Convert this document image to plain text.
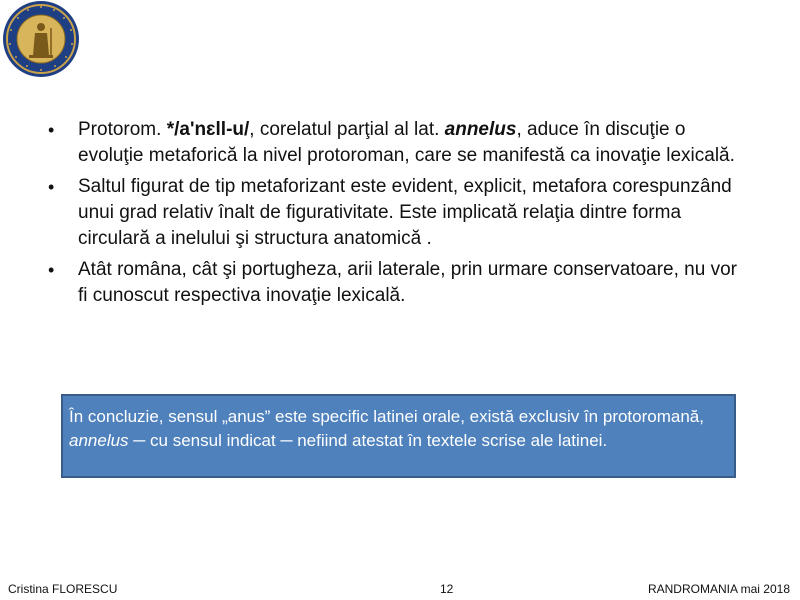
• Protorom. */a'nɛll-u/, corelatul parţial al lat. annelus, aduce în discuţie o evoluţie metaforică la nivel protoroman, care se manifestă ca inovaţie lexicală.
• Saltul figurat de tip metaforizant este evident, explicit, metafora corespunzând unui grad relativ înalt de figurativitate. Este implicată relaţia dintre forma circulară a inelului şi structura anatomică .
• Atât româna, cât şi portugheza, arii laterale, prin urmare conservatoare, nu vor fi cunoscut respectiva inovaţie lexicală.
În concluzie, sensul „anus” este specific latinei orale, există exclusiv în protoromană, annelus ─ cu sensul indicat ─ nefiind atestat în textele scrise ale latinei.
Cristina FLORESCU	12	RANDROMANIA mai 2018
